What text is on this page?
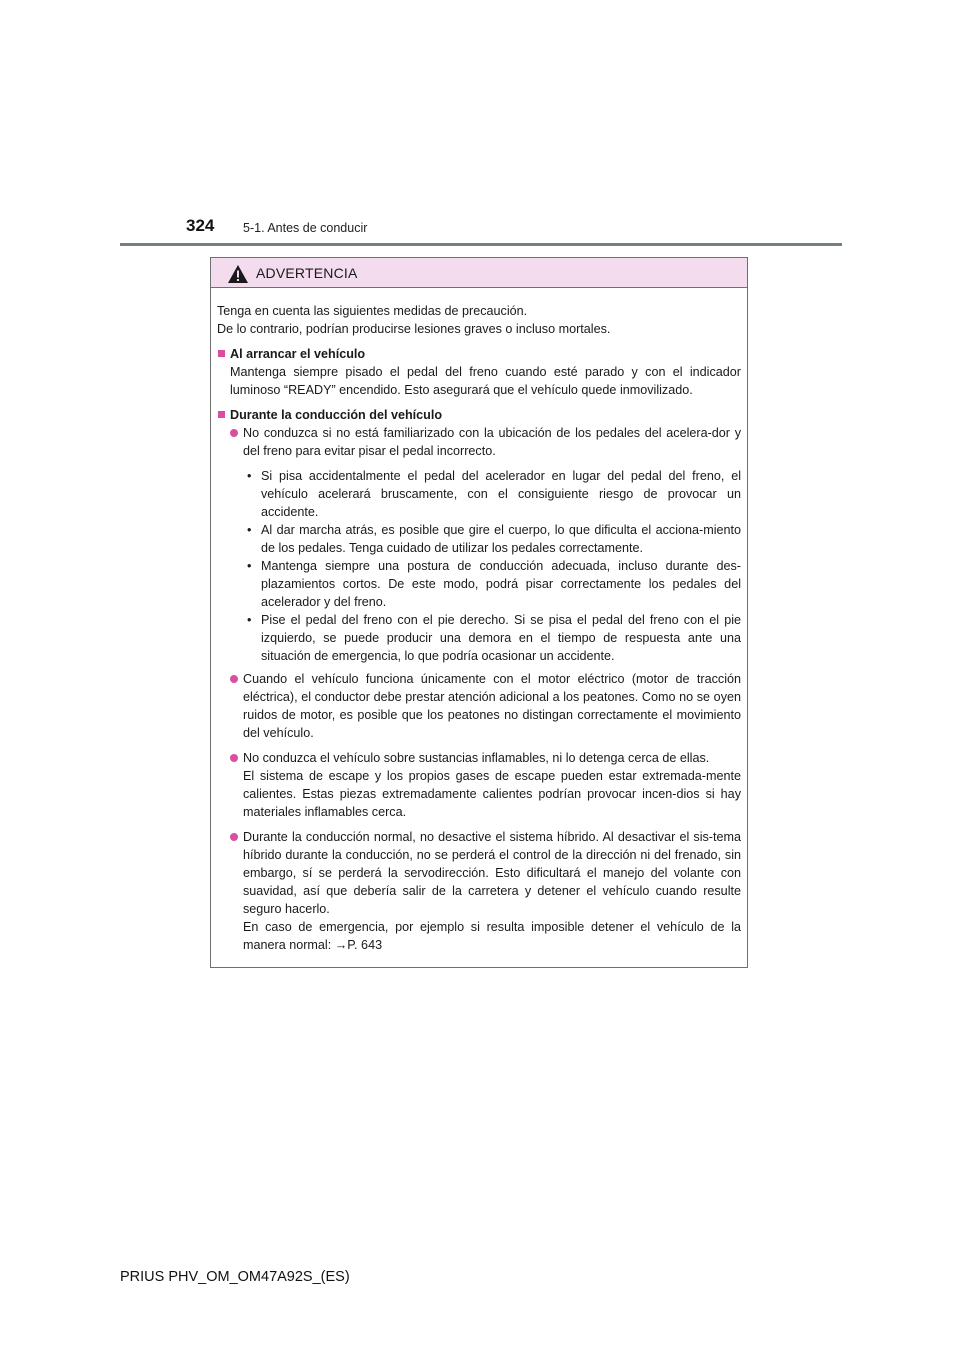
324 5-1. Antes de conducir
ADVERTENCIA
Tenga en cuenta las siguientes medidas de precaución.
De lo contrario, podrían producirse lesiones graves o incluso mortales.
Al arrancar el vehículo
Mantenga siempre pisado el pedal del freno cuando esté parado y con el indicador luminoso “READY” encendido. Esto asegurará que el vehículo quede inmovilizado.
Durante la conducción del vehículo
No conduzca si no está familiarizado con la ubicación de los pedales del acelera-dor y del freno para evitar pisar el pedal incorrecto.
• Si pisa accidentalmente el pedal del acelerador en lugar del pedal del freno, el vehículo acelerará bruscamente, con el consiguiente riesgo de provocar un accidente.
• Al dar marcha atrás, es posible que gire el cuerpo, lo que dificulta el acciona-miento de los pedales. Tenga cuidado de utilizar los pedales correctamente.
• Mantenga siempre una postura de conducción adecuada, incluso durante des-plazamientos cortos. De este modo, podrá pisar correctamente los pedales del acelerador y del freno.
• Pise el pedal del freno con el pie derecho. Si se pisa el pedal del freno con el pie izquierdo, se puede producir una demora en el tiempo de respuesta ante una situación de emergencia, lo que podría ocasionar un accidente.
Cuando el vehículo funciona únicamente con el motor eléctrico (motor de tracción eléctrica), el conductor debe prestar atención adicional a los peatones. Como no se oyen ruidos de motor, es posible que los peatones no distingan correctamente el movimiento del vehículo.
No conduzca el vehículo sobre sustancias inflamables, ni lo detenga cerca de ellas.
El sistema de escape y los propios gases de escape pueden estar extremada-mente calientes. Estas piezas extremadamente calientes podrían provocar incen-dios si hay materiales inflamables cerca.
Durante la conducción normal, no desactive el sistema híbrido. Al desactivar el sis-tema híbrido durante la conducción, no se perderá el control de la dirección ni del frenado, sin embargo, sí se perderá la servodirección. Esto dificultará el manejo del volante con suavidad, así que debería salir de la carretera y detener el vehículo cuando resulte seguro hacerlo.
En caso de emergencia, por ejemplo si resulta imposible detener el vehículo de la manera normal: →P. 643
PRIUS PHV_OM_OM47A92S_(ES)
